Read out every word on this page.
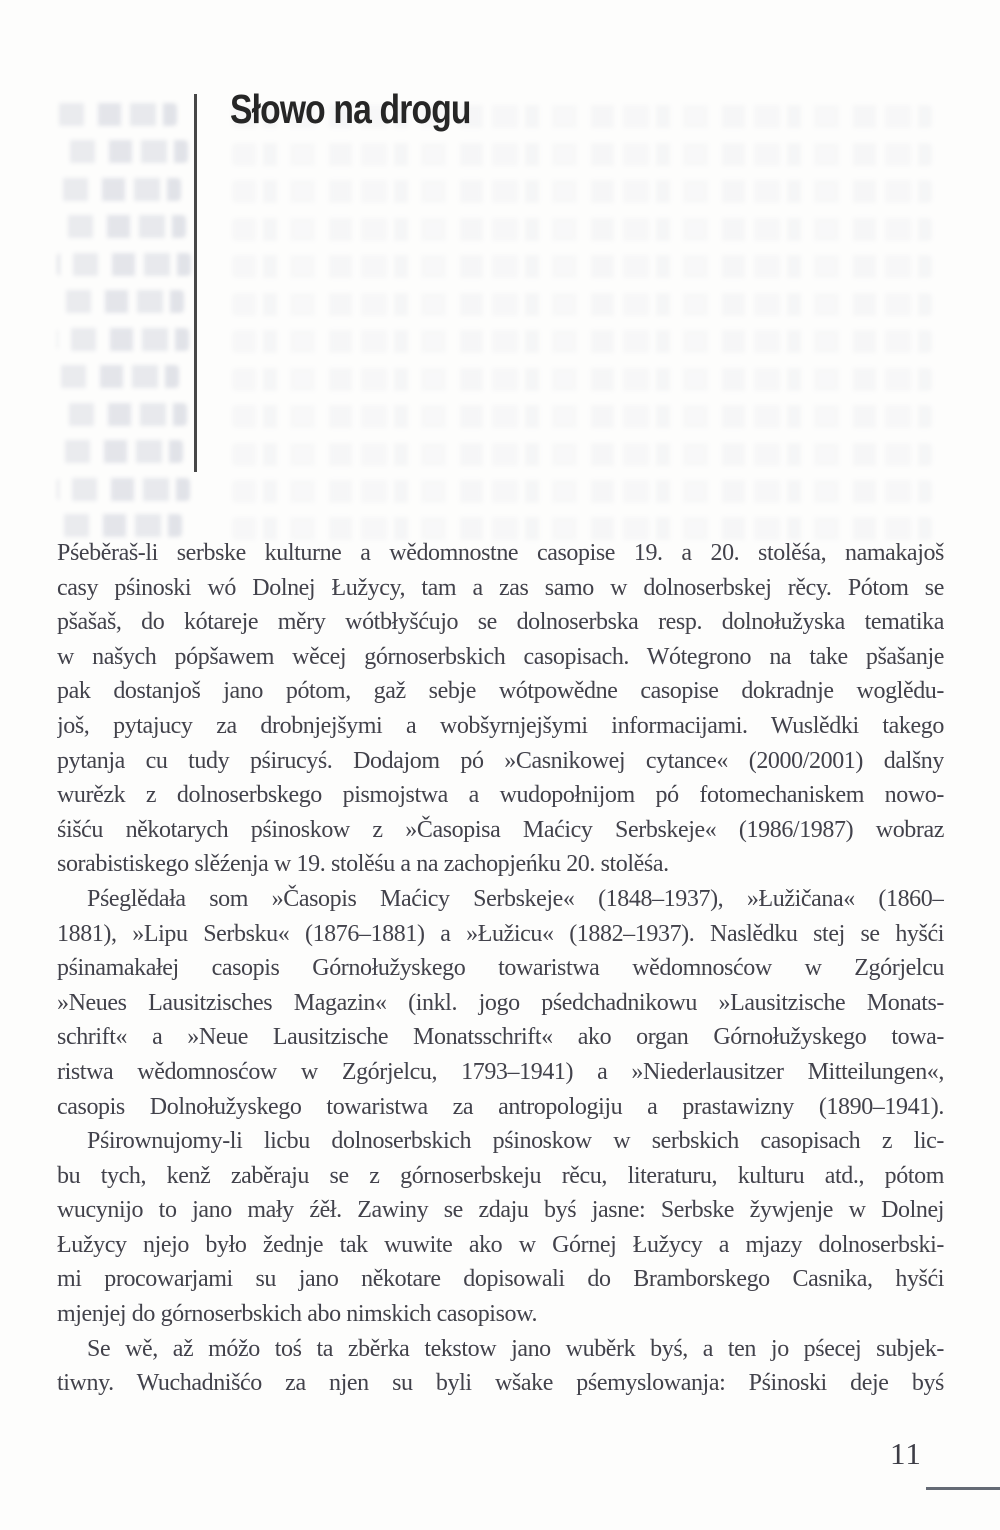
Słowo na drogu
Pśeběraš-li serbske kulturne a wědomnostne casopise 19. a 20. stolěśa, namakajoš
casy pśinoski wó Dolnej Łužycy, tam a zas samo w dolnoserbskej rěcy. Pótom se
pšašaš, do kótareje měry wótbłyšćujo se dolnoserbska resp. dolnołužyska tematika
w našych pópšawem wěcej górnoserbskich casopisach. Wótegrono na take pšašanje
pak dostanjoš jano pótom, gaž sebje wótpowědne casopise dokradnje woglědu-
još, pytajucy za drobnjejšymi a wobšyrnjejšymi informacijami. Wuslědki takego
pytanja cu tudy pśirucyś. Dodajom pó »Casnikowej cytance« (2000/2001) dalšny
wurězk z dolnoserbskego pismojstwa a wudopołnijom pó fotomechaniskem nowo-
śišću někotarych pśinoskow z »Časopisa Maćicy Serbskeje« (1986/1987) wobraz
sorabistiskego slěźenja w 19. stolěśu a na zachopjeńku 20. stolěśa.
Pśeglědała som »Časopis Maćicy Serbskeje« (1848–1937), »Łužičana« (1860–
1881), »Lipu Serbsku« (1876–1881) a »Łužicu« (1882–1937). Naslědku stej se hyšći
pśinamakałej casopis Górnołužyskego towaristwa wědomnosćow w Zgórjelcu
»Neues Lausitzisches Magazin« (inkl. jogo pśedchadnikowu »Lausitzische Monats-
schrift« a »Neue Lausitzische Monatsschrift« ako organ Górnołužyskego towa-
ristwa wědomnosćow w Zgórjelcu, 1793–1941) a »Niederlausitzer Mitteilungen«,
casopis Dolnołužyskego towaristwa za antropologiju a prastawizny (1890–1941).
Pśirownujomy-li licbu dolnoserbskich pśinoskow w serbskich casopisach z lic-
bu tych, kenž zaběraju se z górnoserbskeju rěcu, literaturu, kulturu atd., pótom
wucynijo to jano mały źěł. Zawiny se zdaju byś jasne: Serbske žywjenje w Dolnej
Łužycy njejo było žednje tak wuwite ako w Górnej Łužycy a mjazy dolnoserbski-
mi procowarjami su jano někotare dopisowali do Bramborskego Casnika, hyšći
mjenjej do górnoserbskich abo nimskich casopisow.
Se wě, až móžo toś ta zběrka tekstow jano wuběrk byś, a ten jo pśecej subjek-
tiwny. Wuchadnišćo za njen su byli wšake pśemyslowanja: Pśinoski deje byś
11
